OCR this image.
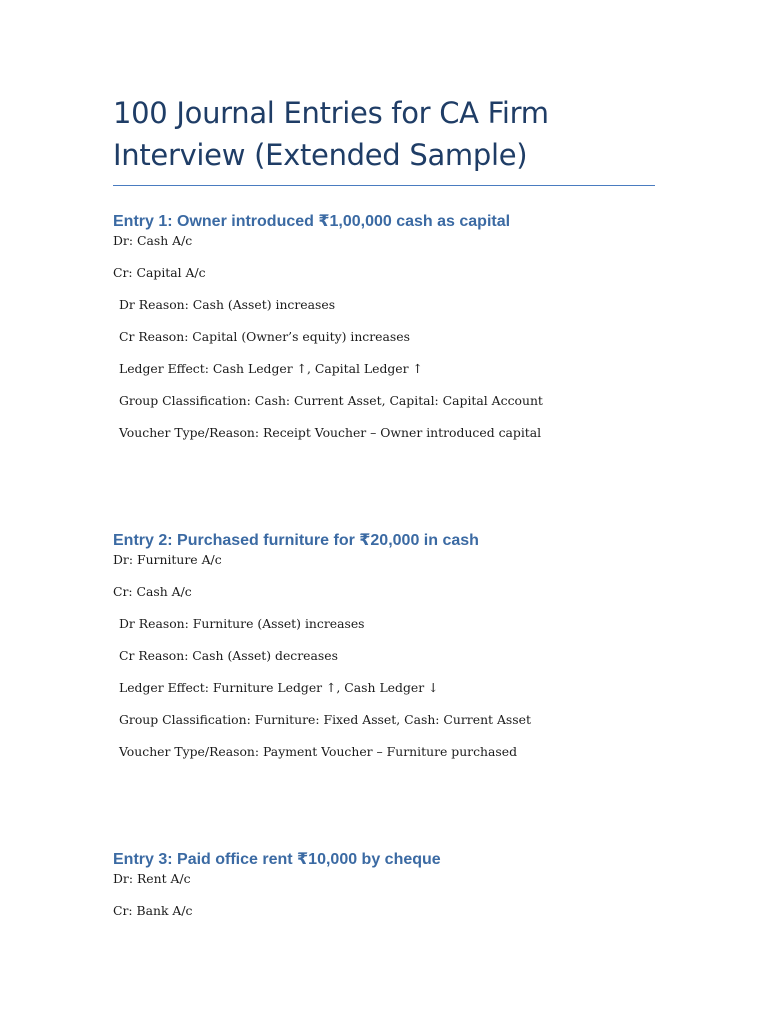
100 Journal Entries for CA Firm
Interview (Extended Sample)
Entry 1: Owner introduced ₹1,00,000 cash as capital

Dr: Cash A/c

Cr: Capital A/c

Dr Reason: Cash (Asset) increases

Cr Reason: Capital (Owner’s equity) increases

Ledger Effect: Cash Ledger ↑, Capital Ledger ↑

Group Classification: Cash: Current Asset, Capital: Capital Account

Voucher Type/Reason: Receipt Voucher – Owner introduced capital

Entry 2: Purchased furniture for ₹20,000 in cash

Dr: Furniture A/c

Cr: Cash A/c

Dr Reason: Furniture (Asset) increases

Cr Reason: Cash (Asset) decreases

Ledger Effect: Furniture Ledger ↑, Cash Ledger ↓

Group Classification: Furniture: Fixed Asset, Cash: Current Asset

Voucher Type/Reason: Payment Voucher – Furniture purchased

Entry 3: Paid office rent ₹10,000 by cheque

Dr: Rent A/c

Cr: Bank A/c
